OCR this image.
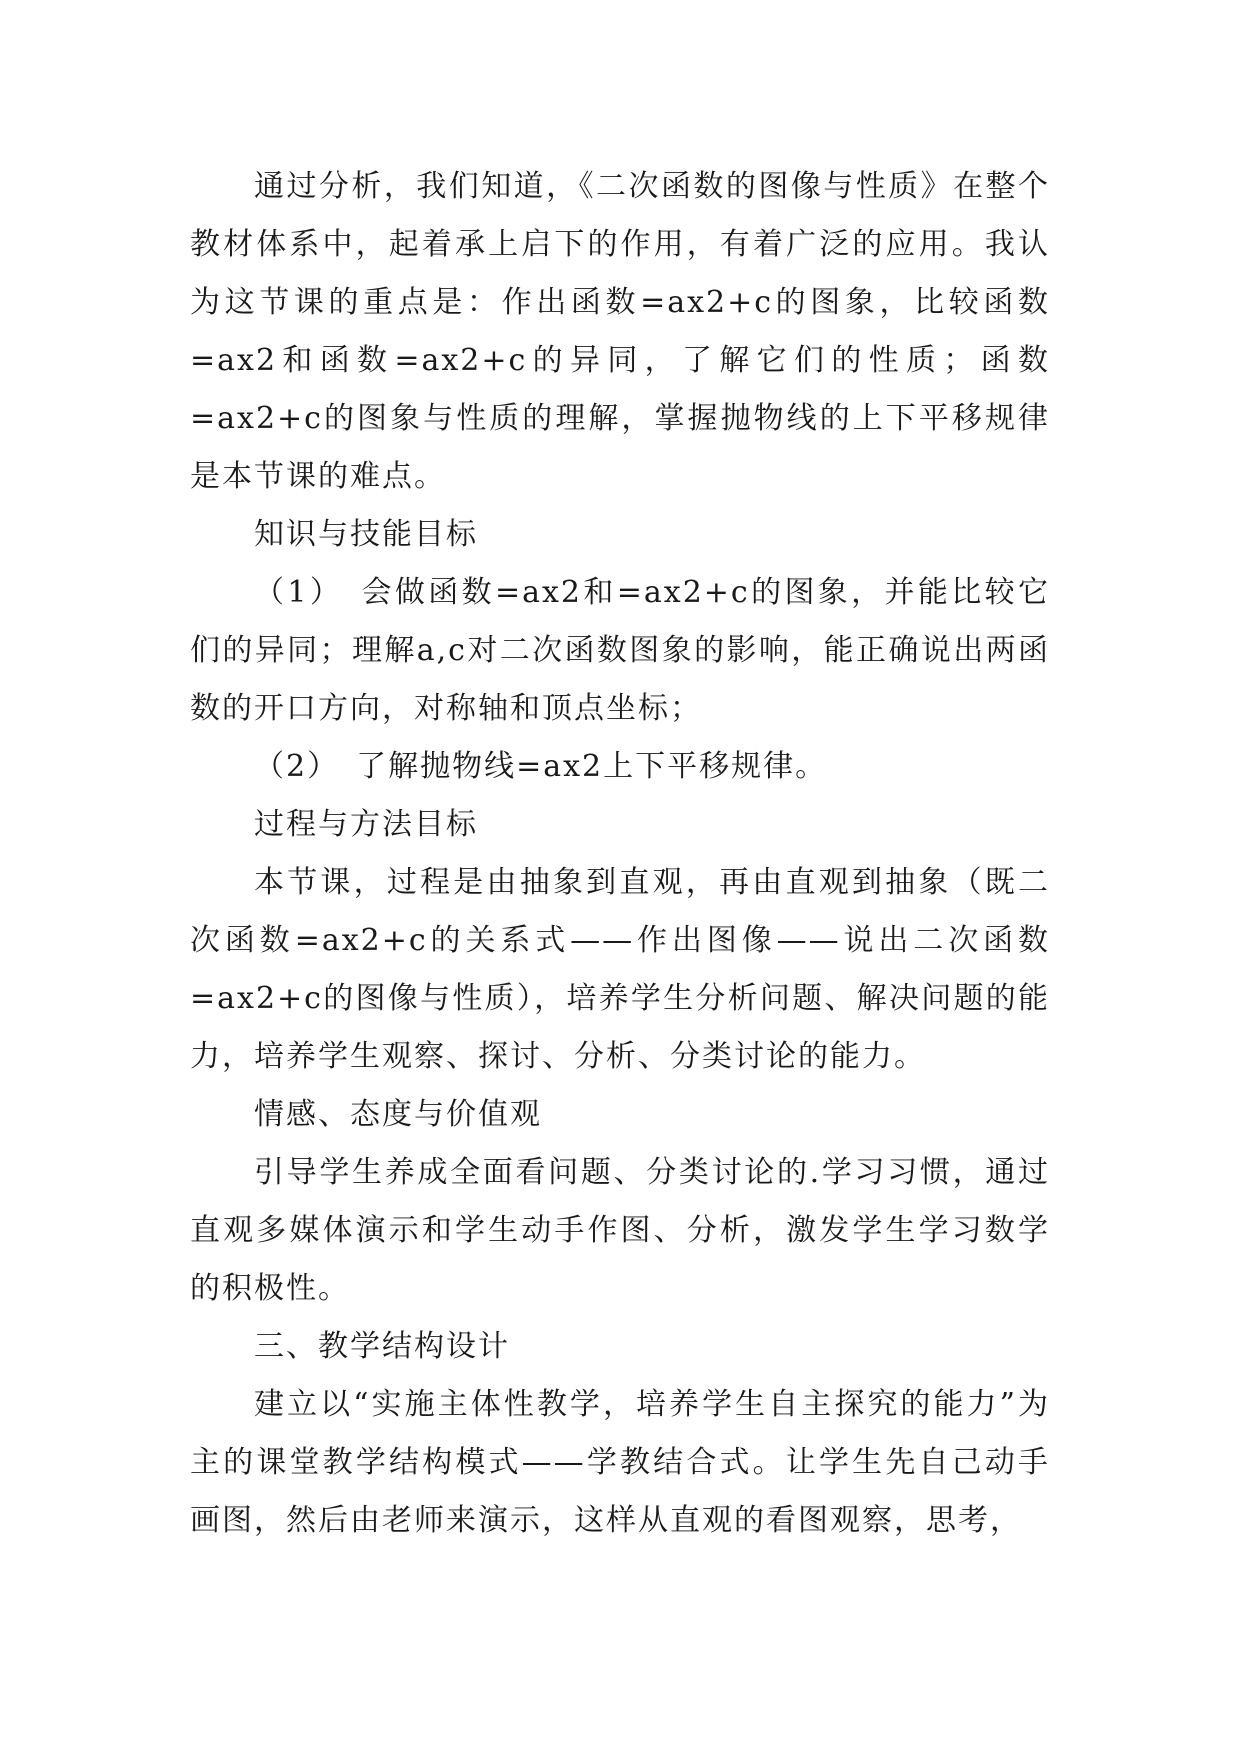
通过分析，我们知道，《二次函数的图像与性质》在整个教材体系中，起着承上启下的作用，有着广泛的应用。我认为这节课的重点是：作出函数=ax2+c的图象，比较函数=ax2和函数=ax2+c的异同，了解它们的性质；函数=ax2+c的图象与性质的理解，掌握抛物线的上下平移规律是本节课的难点。

知识与技能目标

（1）　会做函数=ax2和=ax2+c的图象，并能比较它们的异同；理解a,c对二次函数图象的影响，能正确说出两函数的开口方向，对称轴和顶点坐标；

（2）　了解抛物线=ax2上下平移规律。

过程与方法目标

本节课，过程是由抽象到直观，再由直观到抽象（既二次函数=ax2+c的关系式——作出图像——说出二次函数=ax2+c的图像与性质），培养学生分析问题、解决问题的能力，培养学生观察、探讨、分析、分类讨论的能力。

情感、态度与价值观

引导学生养成全面看问题、分类讨论的.学习习惯，通过直观多媒体演示和学生动手作图、分析，激发学生学习数学的积极性。

三、教学结构设计

建立以“实施主体性教学，培养学生自主探究的能力”为主的课堂教学结构模式——学教结合式。让学生先自己动手画图，然后由老师来演示，这样从直观的看图观察，思考，
